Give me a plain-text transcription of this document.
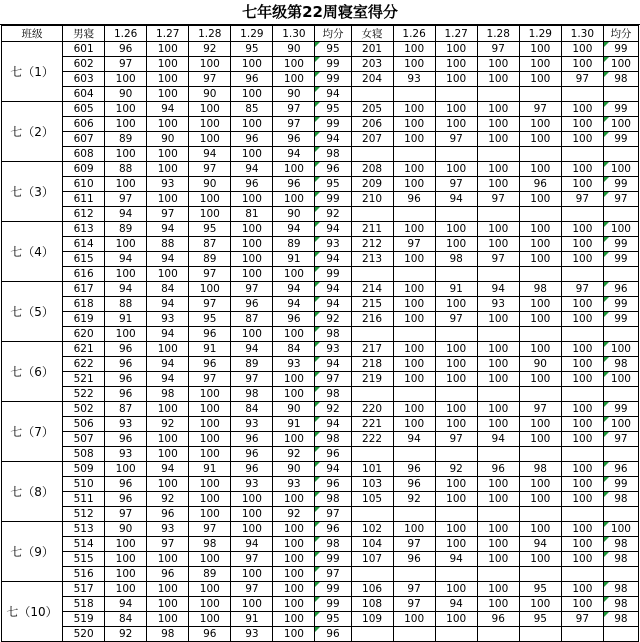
七年级第22周寝室得分
班级	男寝	1.26	1.27	1.28	1.29	1.30	均分	女寝	1.26	1.27	1.28	1.29	1.30	均分
七（1）	601	96	100	92	95	90	95	201	100	100	97	100	100	99
	602	97	100	100	100	100	99	203	100	100	100	100	100	100
	603	100	100	97	96	100	99	204	93	100	100	100	97	98
	604	90	100	90	100	90	94							
七（2）	605	100	94	100	85	97	95	205	100	100	100	97	100	99
	606	100	100	100	100	97	99	206	100	100	100	100	100	100
	607	89	90	100	96	96	94	207	100	97	100	100	100	99
	608	100	100	94	100	94	98							
七（3）	609	88	100	97	94	100	96	208	100	100	100	100	100	100
	610	100	93	90	96	96	95	209	100	97	100	96	100	99
	611	97	100	100	100	100	99	210	96	94	97	100	97	97
	612	94	97	100	81	90	92							
七（4）	613	89	94	95	100	94	94	211	100	100	100	100	100	100
	614	100	88	87	100	89	93	212	97	100	100	100	100	99
	615	94	94	89	100	91	94	213	100	98	97	100	100	99
	616	100	100	97	100	100	99							
七（5）	617	94	84	100	97	94	94	214	100	91	94	98	97	96
	618	88	94	97	96	94	94	215	100	100	93	100	100	99
	619	91	93	95	87	96	92	216	100	97	100	100	100	99
	620	100	94	96	100	100	98							
七（6）	621	96	100	91	94	84	93	217	100	100	100	100	100	100
	622	96	94	96	89	93	94	218	100	100	100	90	100	98
	521	96	94	97	97	100	97	219	100	100	100	100	100	100
	522	96	98	100	98	100	98							
七（7）	502	87	100	100	84	90	92	220	100	100	100	97	100	99
	506	93	92	100	93	91	94	221	100	100	100	100	100	100
	507	96	100	100	96	100	98	222	94	97	94	100	100	97
	508	93	100	100	96	92	96							
七（8）	509	100	94	91	96	90	94	101	96	92	96	98	100	96
	510	96	100	100	93	93	96	103	96	100	100	100	100	99
	511	96	92	100	100	100	98	105	92	100	100	100	100	98
	512	97	96	100	100	92	97							
七（9）	513	90	93	97	100	100	96	102	100	100	100	100	100	100
	514	100	97	98	94	100	98	104	97	100	100	94	100	98
	515	100	100	100	97	100	99	107	96	94	100	100	100	98
	516	100	96	89	100	100	97							
七（10）	517	100	100	100	97	100	99	106	97	100	100	95	100	98
	518	94	100	100	100	100	99	108	97	94	100	100	100	98
	519	84	100	100	91	100	95	109	100	100	96	95	97	98
	520	92	98	96	93	100	96							
